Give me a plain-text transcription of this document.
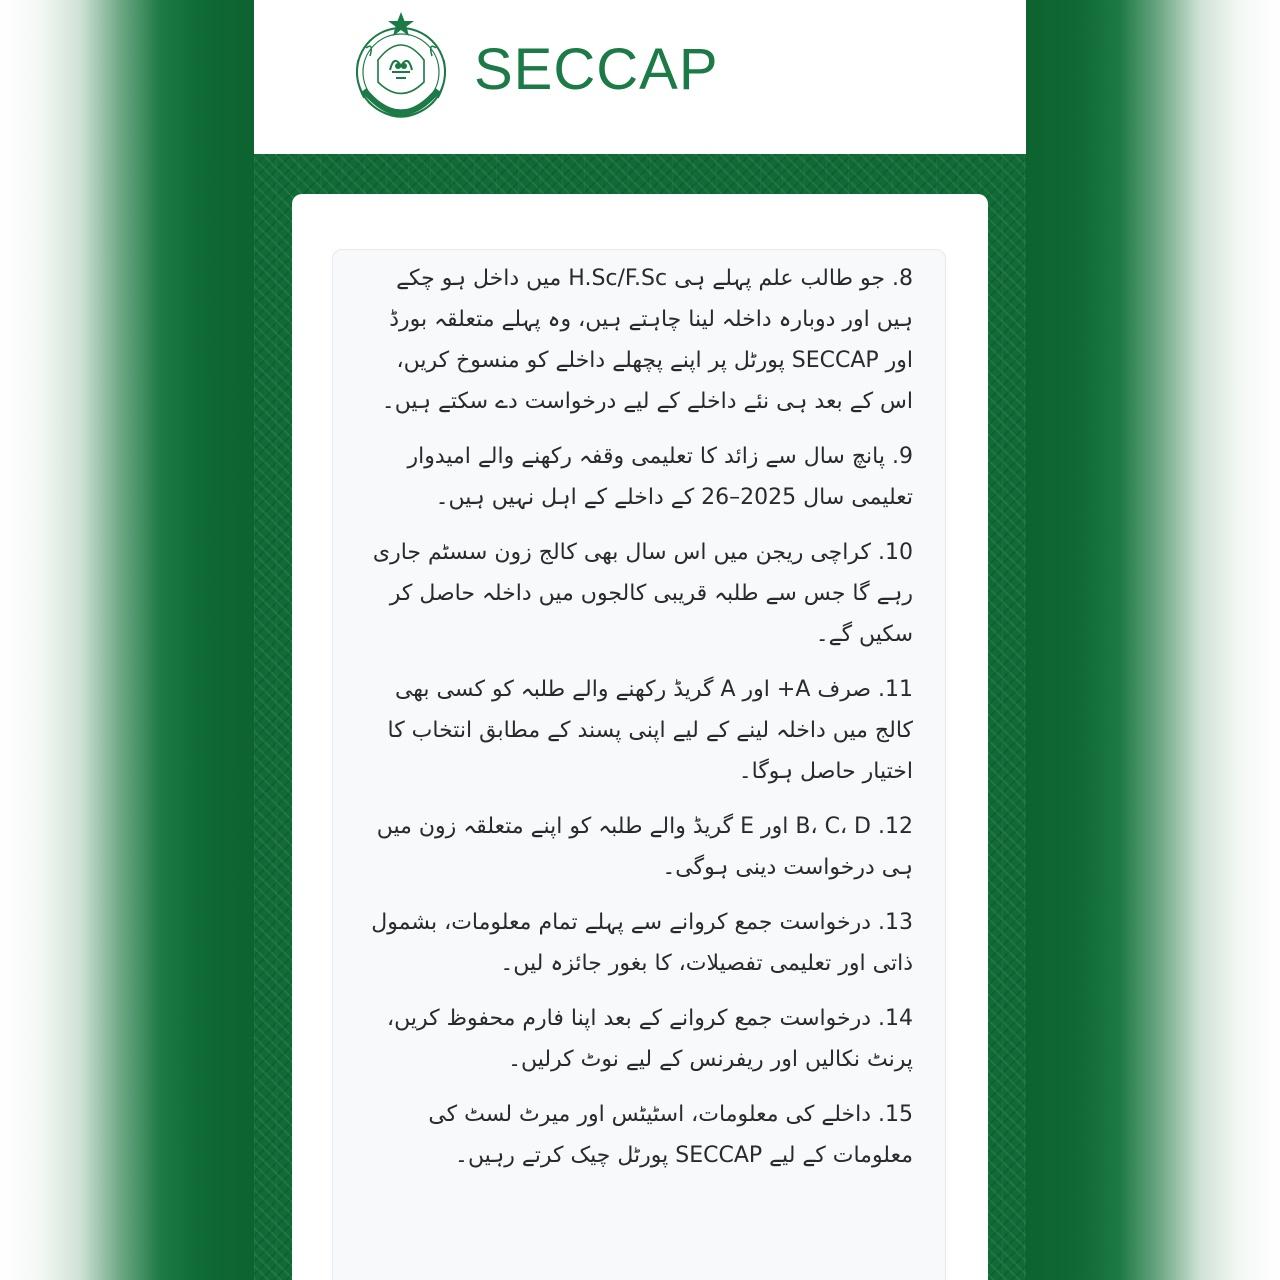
SECCAP

8. جو طالب علم پہلے ہی H.Sc/F.Sc میں داخل ہو چکے ہیں اور دوبارہ داخلہ لینا چاہتے ہیں، وہ پہلے متعلقہ بورڈ اور SECCAP پورٹل پر اپنے پچھلے داخلے کو منسوخ کریں، اس کے بعد ہی نئے داخلے کے لیے درخواست دے سکتے ہیں۔

9. پانچ سال سے زائد کا تعلیمی وقفہ رکھنے والے امیدوار تعلیمی سال 2025–26 کے داخلے کے اہل نہیں ہیں۔

10. کراچی ریجن میں اس سال بھی کالج زون سسٹم جاری رہے گا جس سے طلبہ قریبی کالجوں میں داخلہ حاصل کر سکیں گے۔

11. صرف A+ اور A گریڈ رکھنے والے طلبہ کو کسی بھی کالج میں داخلہ لینے کے لیے اپنی پسند کے مطابق انتخاب کا اختیار حاصل ہوگا۔

12. B، C، D اور E گریڈ والے طلبہ کو اپنے متعلقہ زون میں ہی درخواست دینی ہوگی۔

13. درخواست جمع کروانے سے پہلے تمام معلومات، بشمول ذاتی اور تعلیمی تفصیلات، کا بغور جائزہ لیں۔

14. درخواست جمع کروانے کے بعد اپنا فارم محفوظ کریں، پرنٹ نکالیں اور ریفرنس کے لیے نوٹ کرلیں۔

15. داخلے کی معلومات، اسٹیٹس اور میرٹ لسٹ کی معلومات کے لیے SECCAP پورٹل چیک کرتے رہیں۔
